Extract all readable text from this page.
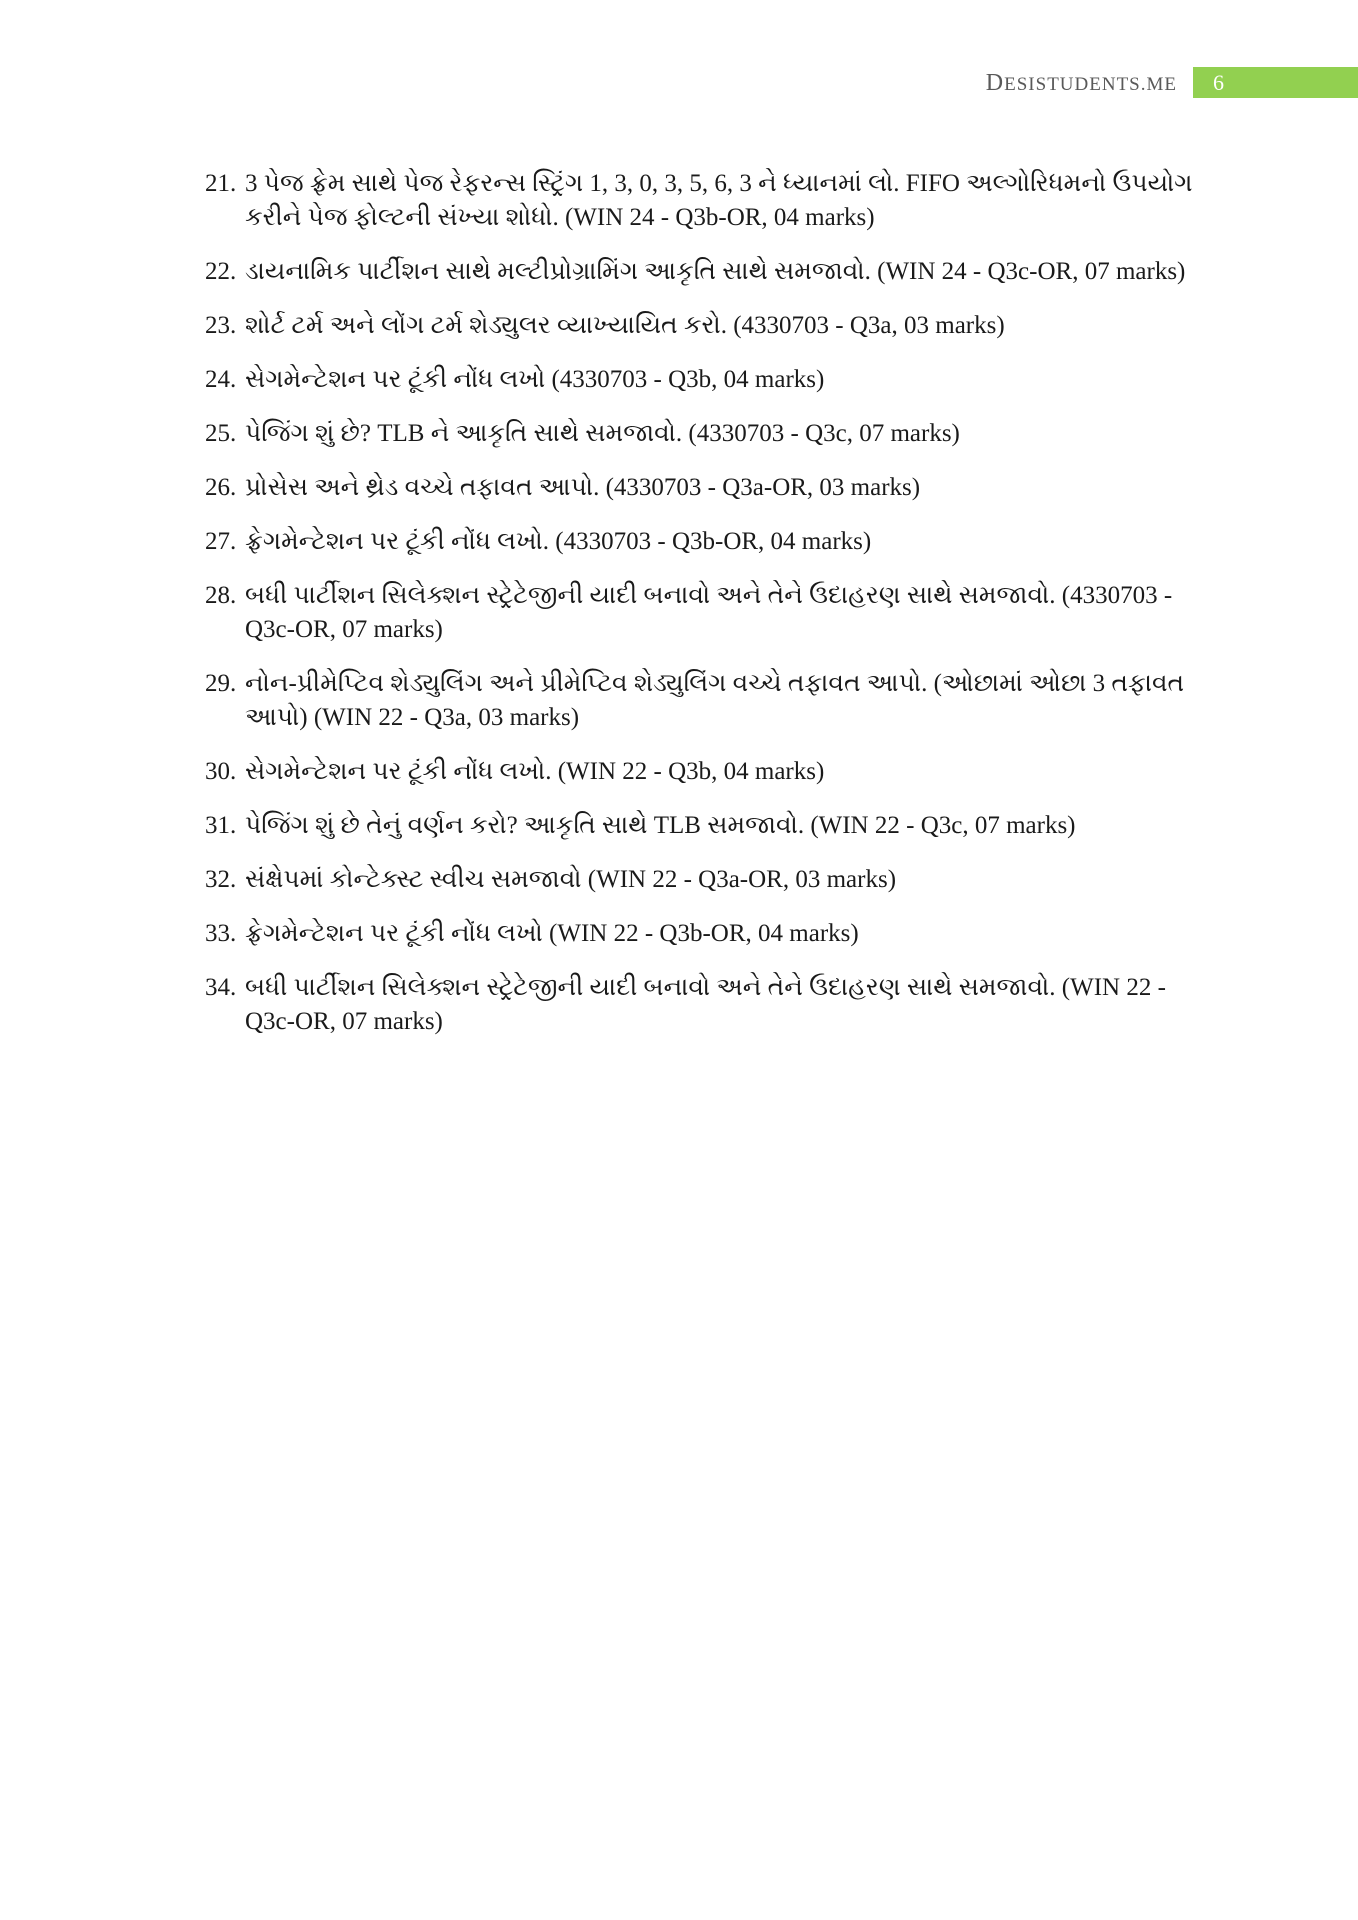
DESISTUDENTS.ME	6
21. 3 પેજ ફ્રેમ સાથે પેજ રેફરન્સ સ્ટ્રિંગ 1, 3, 0, 3, 5, 6, 3 ને ધ્યાનમાં લો. FIFO અલ્ગોરિધમનો ઉપયોગ કરીને પેજ ફોલ્ટની સંખ્યા શોધો. (WIN 24 - Q3b-OR, 04 marks)
22. ડાયનામિક પાર્ટીશન સાથે મલ્ટીપ્રોગ્રામિંગ આકૃતિ સાથે સમજાવો. (WIN 24 - Q3c-OR, 07 marks)
23. શોર્ટ ટર્મ અને લોંગ ટર્મ શેડ્યુલર વ્યાખ્યાયિત કરો. (4330703 - Q3a, 03 marks)
24. સેગમેન્ટેશન પર ટૂંકી નોંધ લખો (4330703 - Q3b, 04 marks)
25. પેજિંગ શું છે? TLB ને આકૃતિ સાથે સમજાવો. (4330703 - Q3c, 07 marks)
26. પ્રોસેસ અને થ્રેડ વચ્ચે તફાવત આપો. (4330703 - Q3a-OR, 03 marks)
27. ફ્રેગમેન્ટેશન પર ટૂંકી નોંધ લખો. (4330703 - Q3b-OR, 04 marks)
28. બધી પાર્ટીશન સિલેક્શન સ્ટ્રેટેજીની યાદી બનાવો અને તેને ઉદાહરણ સાથે સમજાવો. (4330703 - Q3c-OR, 07 marks)
29. નોન-પ્રીમેપ્ટિવ શેડ્યુલિંગ અને પ્રીમેપ્ટિવ શેડ્યુલિંગ વચ્ચે તફાવત આપો. (ઓછામાં ઓછા 3 તફાવત આપો) (WIN 22 - Q3a, 03 marks)
30. સેગમેન્ટેશન પર ટૂંકી નોંધ લખો. (WIN 22 - Q3b, 04 marks)
31. પેજિંગ શું છે તેનું વર્ણન કરો? આકૃતિ સાથે TLB સમજાવો. (WIN 22 - Q3c, 07 marks)
32. સંક્ષેપમાં કોન્ટેક્સ્ટ સ્વીચ સમજાવો (WIN 22 - Q3a-OR, 03 marks)
33. ફ્રેગમેન્ટેશન પર ટૂંકી નોંધ લખો (WIN 22 - Q3b-OR, 04 marks)
34. બધી પાર્ટીશન સિલેક્શન સ્ટ્રેટેજીની યાદી બનાવો અને તેને ઉદાહરણ સાથે સમજાવો. (WIN 22 - Q3c-OR, 07 marks)
